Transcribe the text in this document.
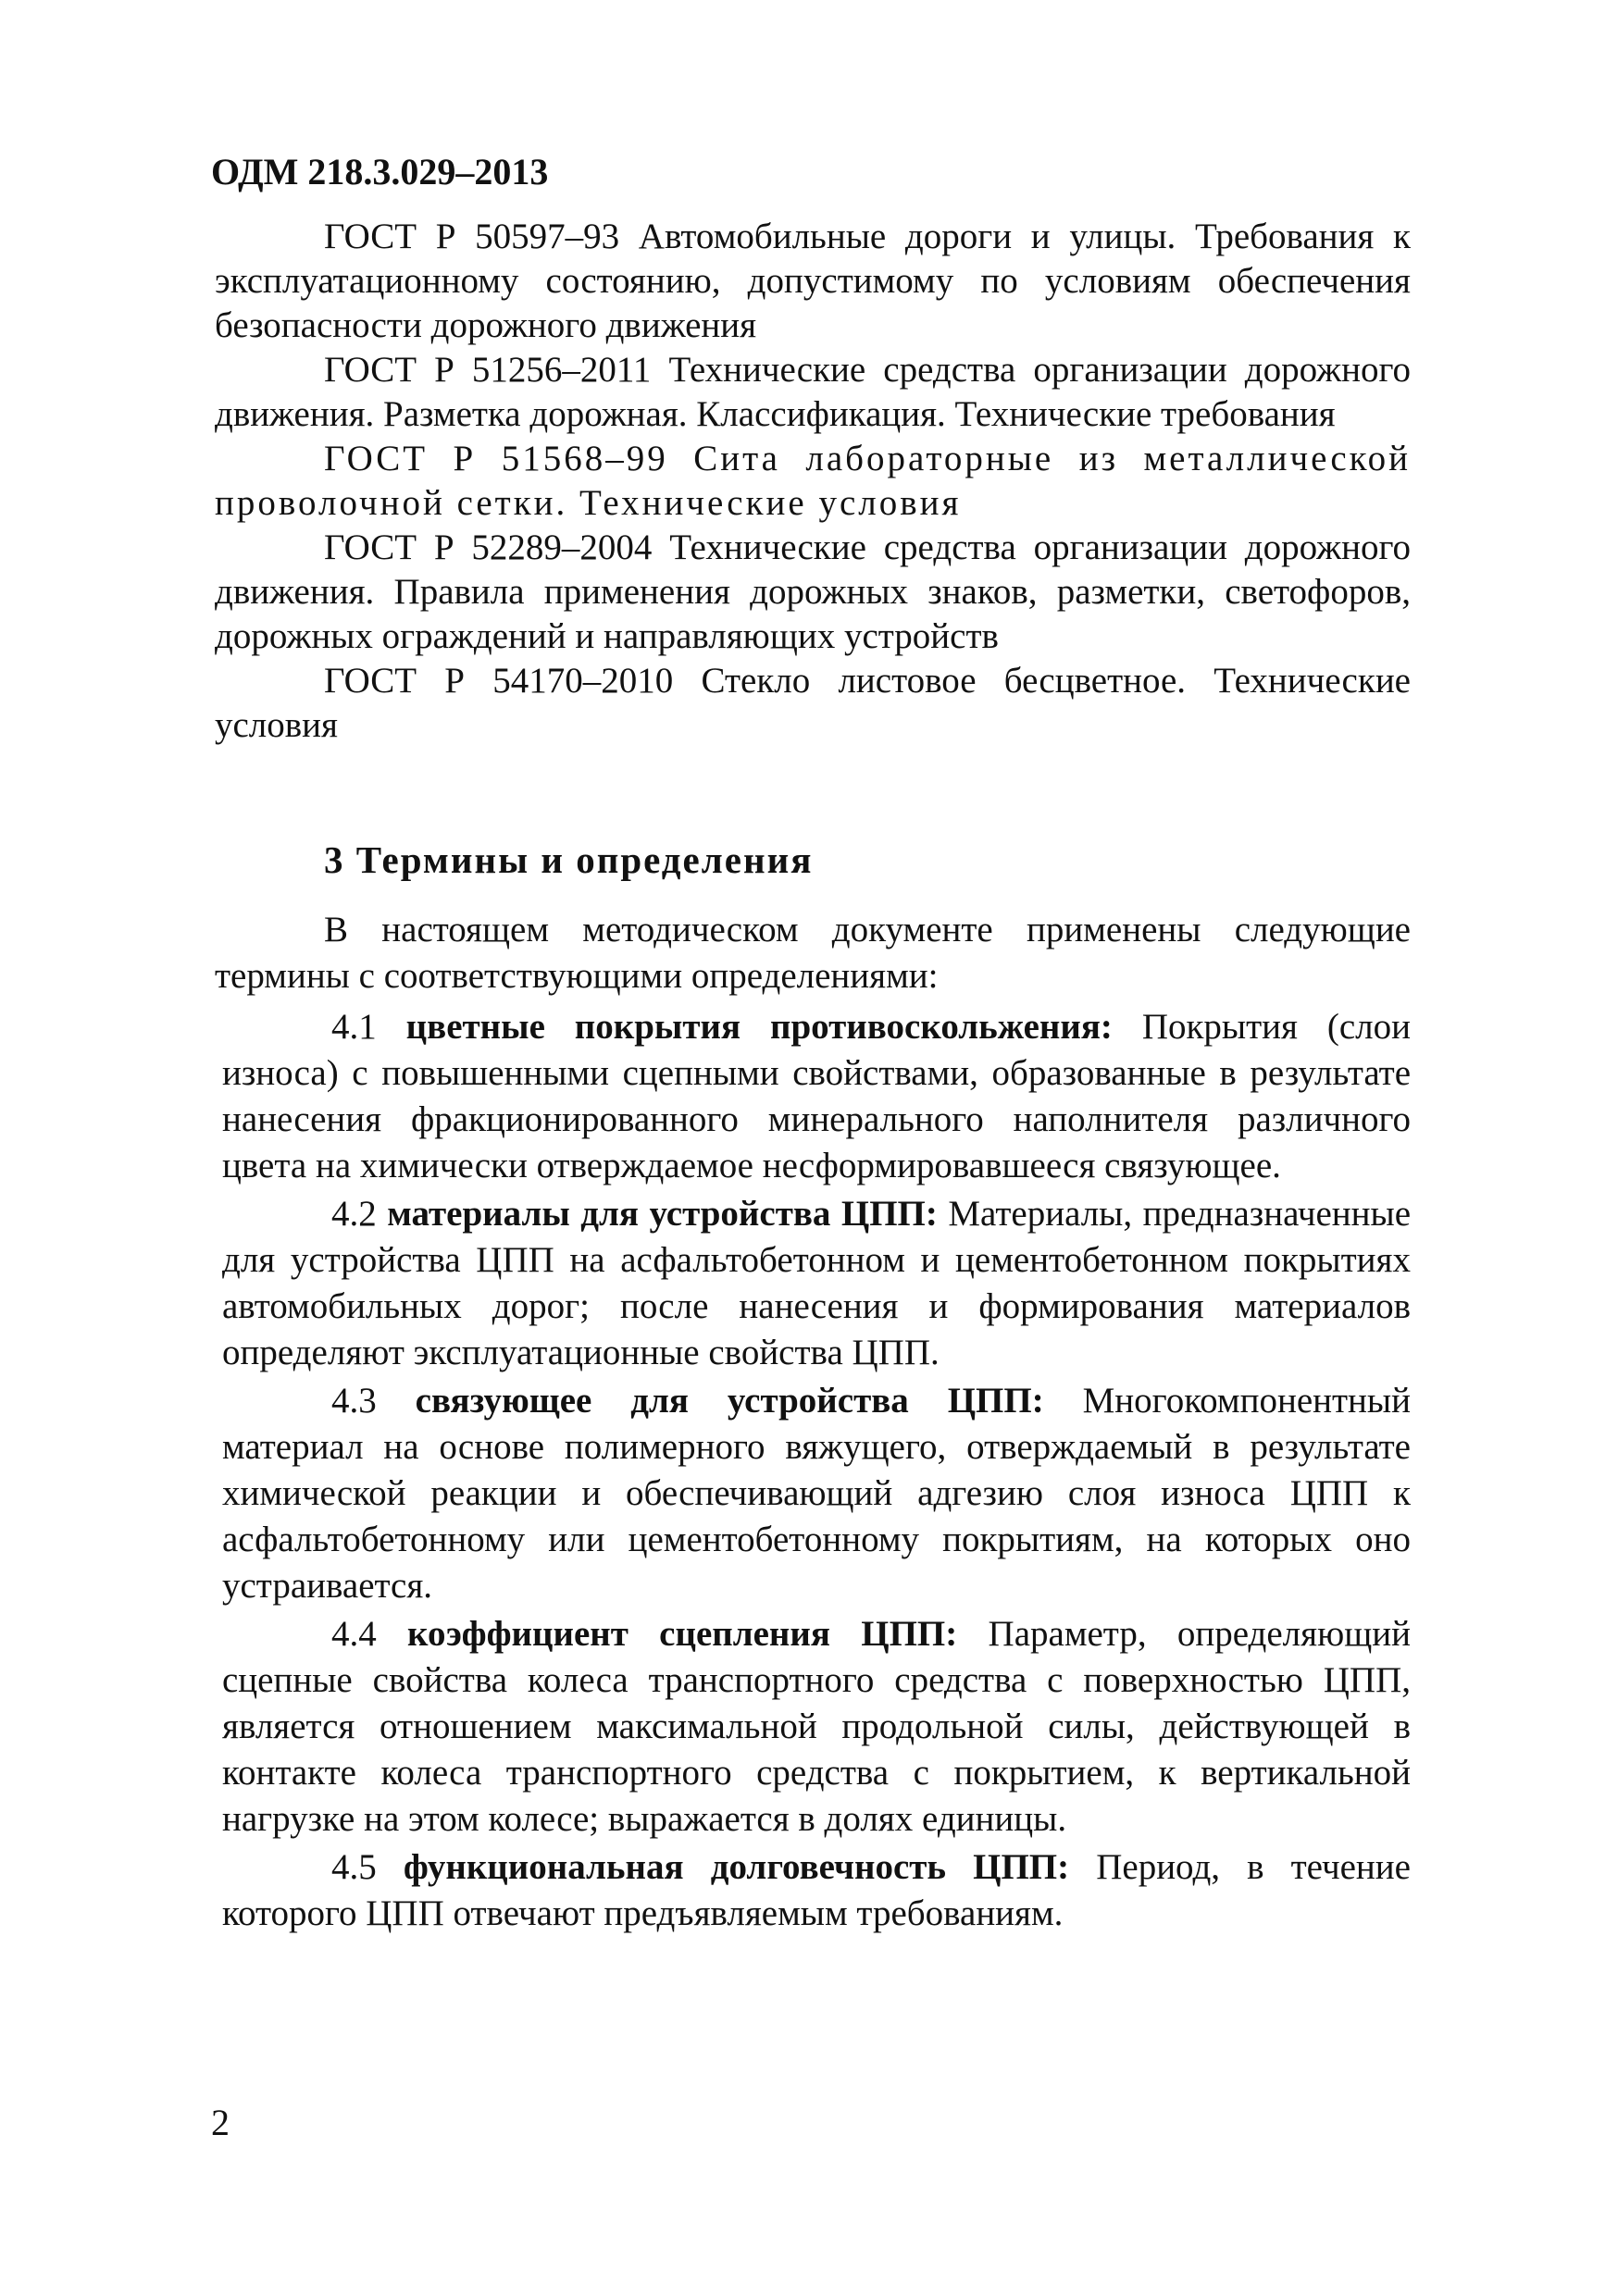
ОДМ 218.3.029–2013

ГОСТ Р 50597–93 Автомобильные дороги и улицы. Требования к эксплуатационному состоянию, допустимому по условиям обеспечения безопасности дорожного движения

ГОСТ Р 51256–2011 Технические средства организации дорожного движения. Разметка дорожная. Классификация. Технические требования

ГОСТ Р 51568–99 Сита лабораторные из металлической проволочной сетки. Технические условия

ГОСТ Р 52289–2004 Технические средства организации дорожного движения. Правила применения дорожных знаков, разметки, светофоров, дорожных ограждений и направляющих устройств

ГОСТ Р 54170–2010 Стекло листовое бесцветное. Технические условия

3 Термины и определения

В настоящем методическом документе применены следующие термины с соответствующими определениями:

4.1 цветные покрытия противоскольжения: Покрытия (слои износа) с повышенными сцепными свойствами, образованные в результате нанесения фракционированного минерального наполнителя различного цвета на химически отверждаемое несформировавшееся связующее.

4.2 материалы для устройства ЦПП: Материалы, предназначенные для устройства ЦПП на асфальтобетонном и цементобетонном покрытиях автомобильных дорог; после нанесения и формирования материалов определяют эксплуатационные свойства ЦПП.

4.3 связующее для устройства ЦПП: Многокомпонентный материал на основе полимерного вяжущего, отверждаемый в результате химической реакции и обеспечивающий адгезию слоя износа ЦПП к асфальтобетонному или цементобетонному покрытиям, на которых оно устраивается.

4.4 коэффициент сцепления ЦПП: Параметр, определяющий сцепные свойства колеса транспортного средства с поверхностью ЦПП, является отношением максимальной продольной силы, действующей в контакте колеса транспортного средства с покрытием, к вертикальной нагрузке на этом колесе; выражается в долях единицы.

4.5 функциональная долговечность ЦПП: Период, в течение которого ЦПП отвечают предъявляемым требованиям.

2
